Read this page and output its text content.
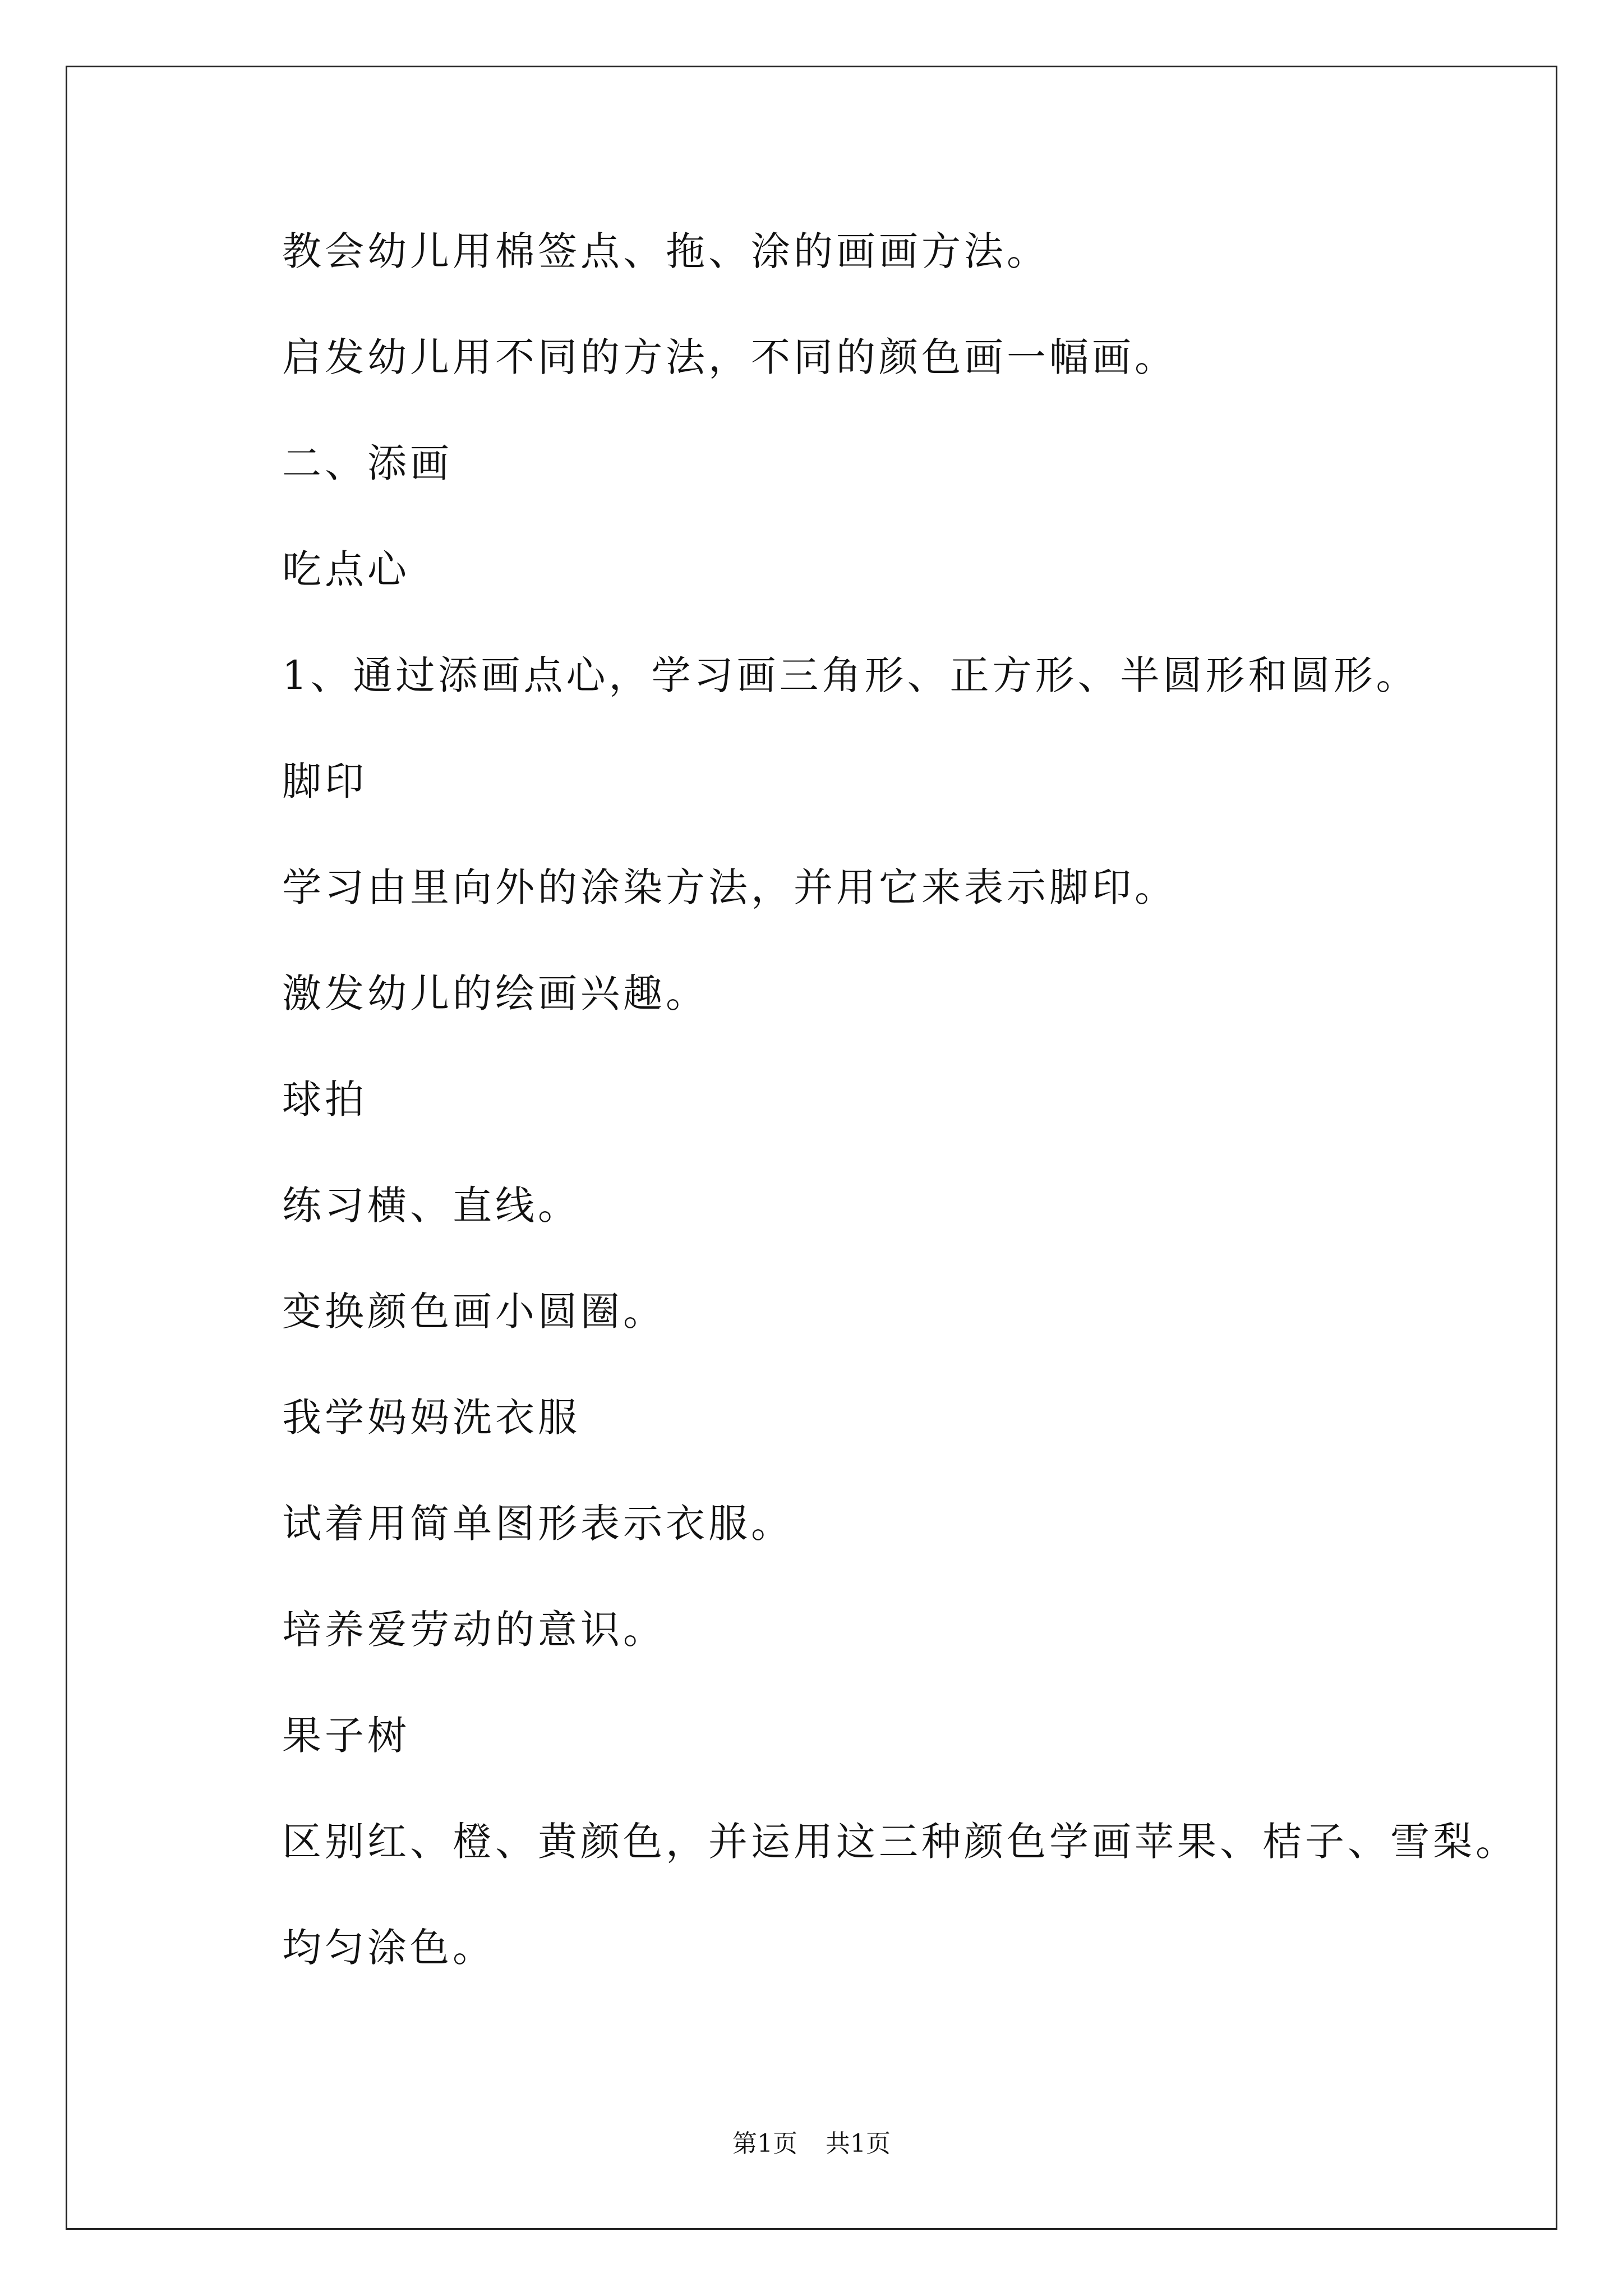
教会幼儿用棉签点、拖、涂的画画方法。
启发幼儿用不同的方法，不同的颜色画一幅画。
二、添画
吃点心
1、通过添画点心，学习画三角形、正方形、半圆形和圆形。
脚印
学习由里向外的涂染方法，并用它来表示脚印。
激发幼儿的绘画兴趣。
球拍
练习横、直线。
变换颜色画小圆圈。
我学妈妈洗衣服
试着用简单图形表示衣服。
培养爱劳动的意识。
果子树
区别红、橙、黄颜色，并运用这三种颜色学画苹果、桔子、雪梨。
均匀涂色。
第1页 共1页
